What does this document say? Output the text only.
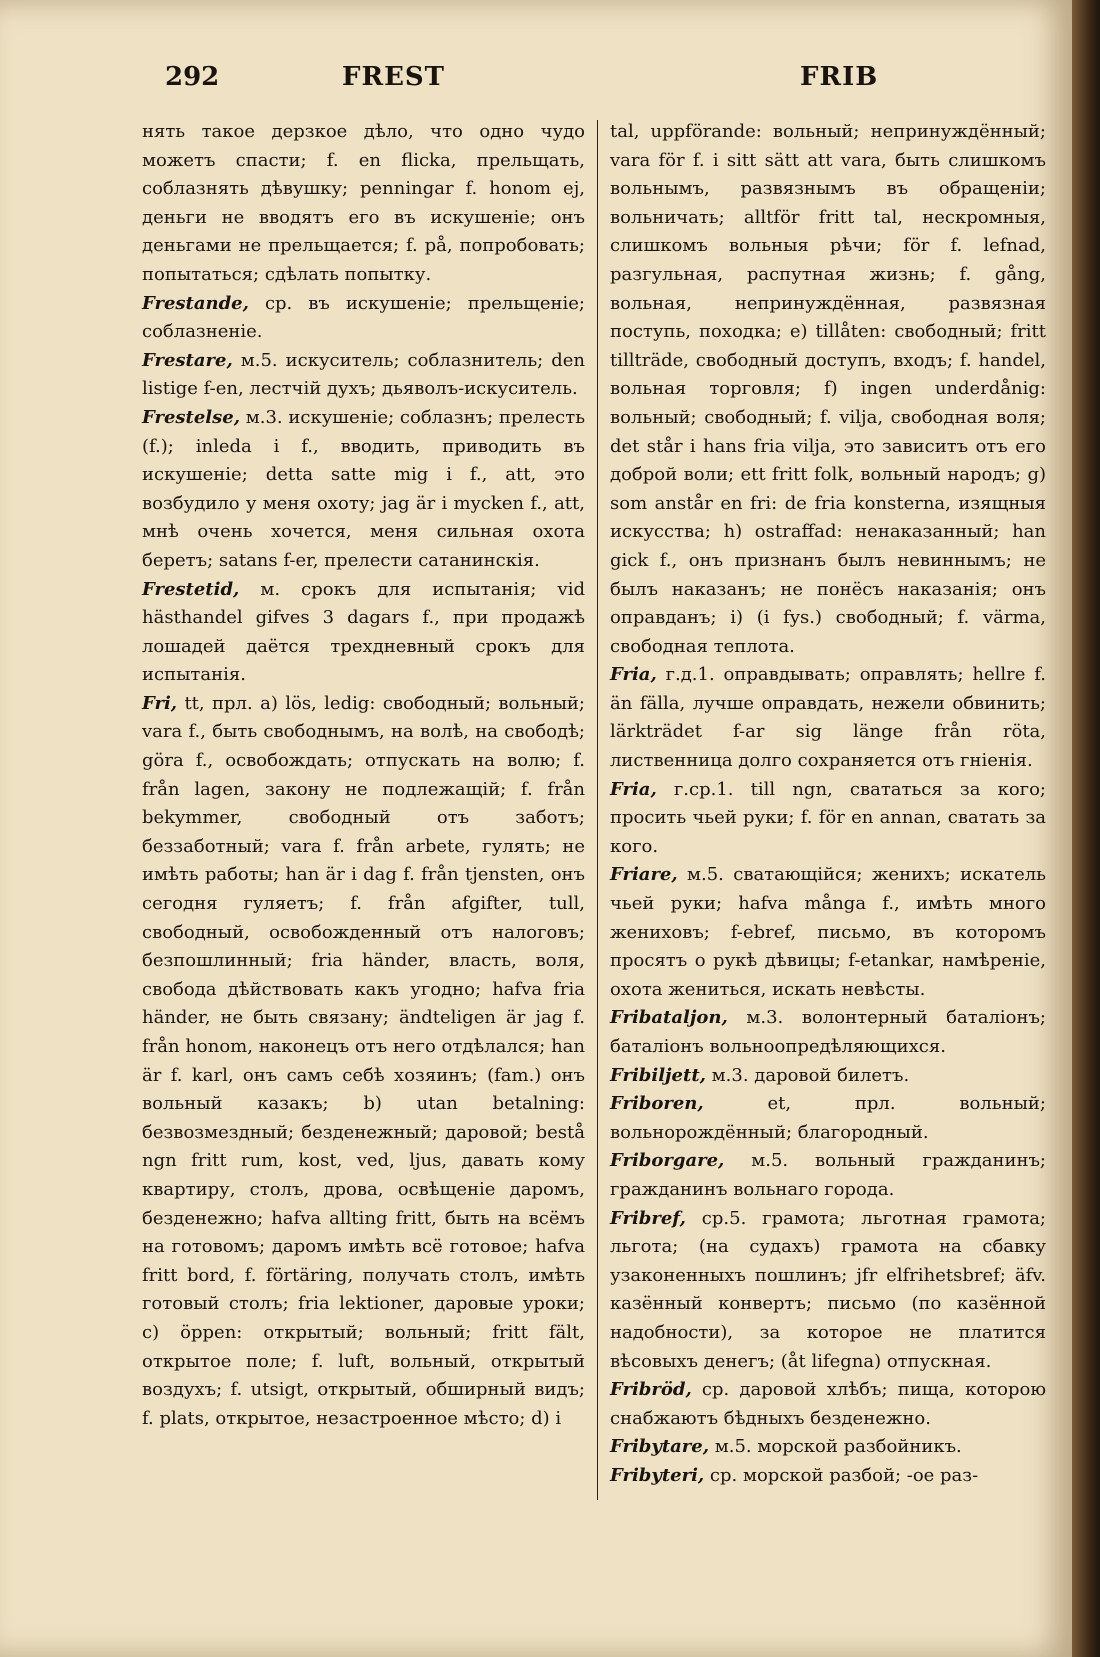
292	FREST	FRIB

нять такое дерзкое дѣло, что одно чудо можетъ спасти; f. en flicka, прельщать, соблазнять дѣвушку; penningar f. honom ej, деньги не вводятъ его въ искушеніе; онъ деньгами не прельщается; f. på, попробовать; попытаться; сдѣлать попытку.

Frestande, ср. въ искушеніе; прельщеніе; соблазненіе.

Frestare, м.5. искуситель; соблазнитель; den listige f-en, лестчій духъ; дьяволъ-искуситель.

Frestelse, м.3. искушеніе; соблазнъ; прелесть (f.); inleda i f., вводить, приводить въ искушеніе; detta satte mig i f., att, это возбудило у меня охоту; jag är i mycken f., att, мнѣ очень хочется, меня сильная охота беретъ; satans f-er, прелести сатанинскія.

Frestetid, м. срокъ для испытанія; vid hästhandel gifves 3 dagars f., при продажѣ лошадей даётся трехдневный срокъ для испытанія.

Fri, tt, прл. a) lös, ledig: свободный; вольный; vara f., быть свободнымъ, на волѣ, на свободѣ; göra f., освобождать; отпускать на волю; f. från lagen, закону не подлежащій; f. från bekymmer, свободный отъ заботъ; беззаботный; vara f. från arbete, гулять; не имѣть работы; han är i dag f. från tjensten, онъ сегодня гуляетъ; f. från afgifter, tull, свободный, освобожденный отъ налоговъ; безпошлинный; fria händer, власть, воля, свобода дѣйствовать какъ угодно; hafva fria händer, не быть связану; ändteligen är jag f. från honom, наконецъ отъ него отдѣлался; han är f. karl, онъ самъ себѣ хозяинъ; (fam.) онъ вольный казакъ; b) utan betalning: безвозмездный; безденежный; даровой; bestå ngn fritt rum, kost, ved, ljus, давать кому квартиру, столъ, дрова, освѣщеніе даромъ, безденежно; hafva allting fritt, быть на всёмъ на готовомъ; даромъ имѣть всё готовое; hafva fritt bord, f. förtäring, получать столъ, имѣть готовый столъ; fria lektioner, даровые уроки; c) öppen: открытый; вольный; fritt fält, открытое поле; f. luft, вольный, открытый воздухъ; f. utsigt, открытый, обширный видъ; f. plats, открытое, незастроенное мѣсто; d) i

tal, uppförande: вольный; непринуждённый; vara för f. i sitt sätt att vara, быть слишкомъ вольнымъ, развязнымъ въ обращеніи; вольничать; alltför fritt tal, нескромныя, слишкомъ вольныя рѣчи; för f. lefnad, разгульная, распутная жизнь; f. gång, вольная, непринуждённая, развязная поступь, походка; e) tillåten: свободный; fritt tillträde, свободный доступъ, входъ; f. handel, вольная торговля; f) ingen underdånig: вольный; свободный; f. vilja, свободная воля; det står i hans fria vilja, это зависитъ отъ его доброй воли; ett fritt folk, вольный народъ; g) som anstår en fri: de fria konsterna, изящныя искусства; h) ostraffad: ненаказанный; han gick f., онъ признанъ былъ невиннымъ; не былъ наказанъ; не понёсъ наказанія; онъ оправданъ; i) (i fys.) свободный; f. värma, свободная теплота.

Fria, г.д.1. оправдывать; оправлять; hellre f. än fälla, лучше оправдать, нежели обвинить; lärkträdet f-ar sig länge från röta, лиственница долго сохраняется отъ гніенія.

Fria, г.ср.1. till ngn, свататься за кого; просить чьей руки; f. för en annan, сватать за кого.

Friare, м.5. сватающійся; женихъ; искатель чьей руки; hafva många f., имѣть много жениховъ; f-ebref, письмо, въ которомъ просятъ о рукѣ дѣвицы; f-etankar, намѣреніе, охота жениться, искать невѣсты.

Fribataljon, м.3. волонтерный баталіонъ; баталіонъ вольноопредѣляющихся.

Fribiljett, м.3. даровой билетъ.

Friboren,	et, прл. вольный; вольнорождённый; благородный.

Friborgare, м.5. вольный гражданинъ; гражданинъ вольнаго города.

Fribref, ср.5. грамота; льготная грамота; льгота; (на судахъ) грамота на сбавку узаконенныхъ пошлинъ; jfr elfrihetsbref; äfv. казённый конвертъ; письмо (по казённой надобности), за которое не платится вѣсовыхъ денегъ; (åt lifegna) отпускная.

Fribröd, ср. даровой хлѣбъ; пища, которою снабжаютъ бѣдныхъ безденежно.

Fribytare, м.5. морской разбойникъ.

Fribyteri, ср. морской разбой; -ое раз-
